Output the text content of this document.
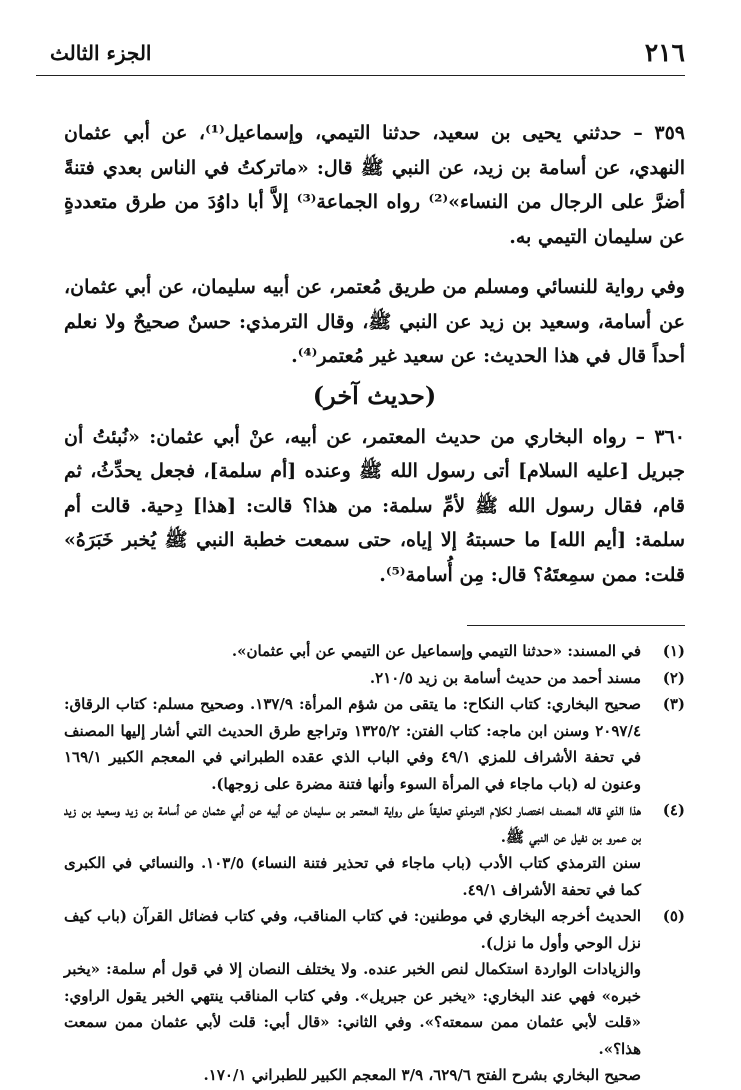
٢١٦
الجزء الثالث

٣٥٩ – حدثني يحيى بن سعيد، حدثنا التيمي، وإسماعيل⁽¹⁾، عن أبي عثمان النهدي، عن أسامة بن زيد، عن النبي ﷺ قال: «ماتركتُ في الناس بعدي فتنةً أضرَّ على الرجال من النساء»⁽²⁾ رواه الجماعة⁽³⁾ إلاَّ أبا داوُدَ من طرق متعددةٍ عن سليمان التيمي به.

وفي رواية للنسائي ومسلم من طريق مُعتمر، عن أبيه سليمان، عن أبي عثمان، عن أسامة، وسعيد بن زيد عن النبي ﷺ، وقال الترمذي: حسنٌ صحيحٌ ولا نعلم أحداً قال في هذا الحديث: عن سعيد غير مُعتمر⁽⁴⁾.

(حديث آخر)

٣٦٠ – رواه البخاري من حديث المعتمر، عن أبيه، عنْ أبي عثمان: «نُبئتُ أن جبريل [عليه السلام] أتى رسول الله ﷺ وعنده [أم سلمة]، فجعل يحدِّثُ، ثم قام، فقال رسول الله ﷺ لأمِّ سلمة: من هذا؟ قالت: [هذا] دِحية. قالت أم سلمة: [أيم الله] ما حسبتهُ إلا إياه، حتى سمعت خطبة النبي ﷺ يُخبر خَبَرَهُ» قلت: ممن سمِعتَهُ؟ قال: مِن أُسامة⁽⁵⁾.

(١)
في المسند: «حدثنا التيمي وإسماعيل عن التيمي عن أبي عثمان».
(٢)
مسند أحمد من حديث أسامة بن زيد ٢١٠/٥.
(٣)
صحيح البخاري: كتاب النكاح: ما يتقى من شؤم المرأة: ١٣٧/٩. وصحيح مسلم: كتاب الرقاق: ٢٠٩٧/٤ وسنن ابن ماجه: كتاب الفتن: ١٣٢٥/٢ وتراجع طرق الحديث التي أشار إليها المصنف في تحفة الأشراف للمزي ٤٩/١ وفي الباب الذي عقده الطبراني في المعجم الكبير ١٦٩/١ وعنون له (باب ماجاء في المرأة السوء وأنها فتنة مضرة على زوجها).
(٤)
هذا الذي قاله المصنف اختصار لكلام الترمذي تعليقاً على رواية المعتمر بن سليمان عن أبيه عن أبي عثمان عن أسامة بن زيد وسعيد بن زيد بن عمرو بن نفيل عن النبي ﷺ.
سنن الترمذي كتاب الأدب (باب ماجاء في تحذير فتنة النساء) ١٠٣/٥. والنسائي في الكبرى كما في تحفة الأشراف ٤٩/١.
(٥)
الحديث أخرجه البخاري في موطنين: في كتاب المناقب، وفي كتاب فضائل القرآن (باب كيف نزل الوحي وأول ما نزل).
والزيادات الواردة استكمال لنص الخبر عنده. ولا يختلف النصان إلا في قول أم سلمة: «يخبر خبره» فهي عند البخاري: «يخبر عن جبريل». وفي كتاب المناقب ينتهي الخبر يقول الراوي: «قلت لأبي عثمان ممن سمعته؟». وفي الثاني: «قال أبي: قلت لأبي عثمان ممن سمعت هذا؟».
صحيح البخاري بشرح الفتح ٦٢٩/٦، ٣/٩ المعجم الكبير للطبراني ١٧٠/١.
